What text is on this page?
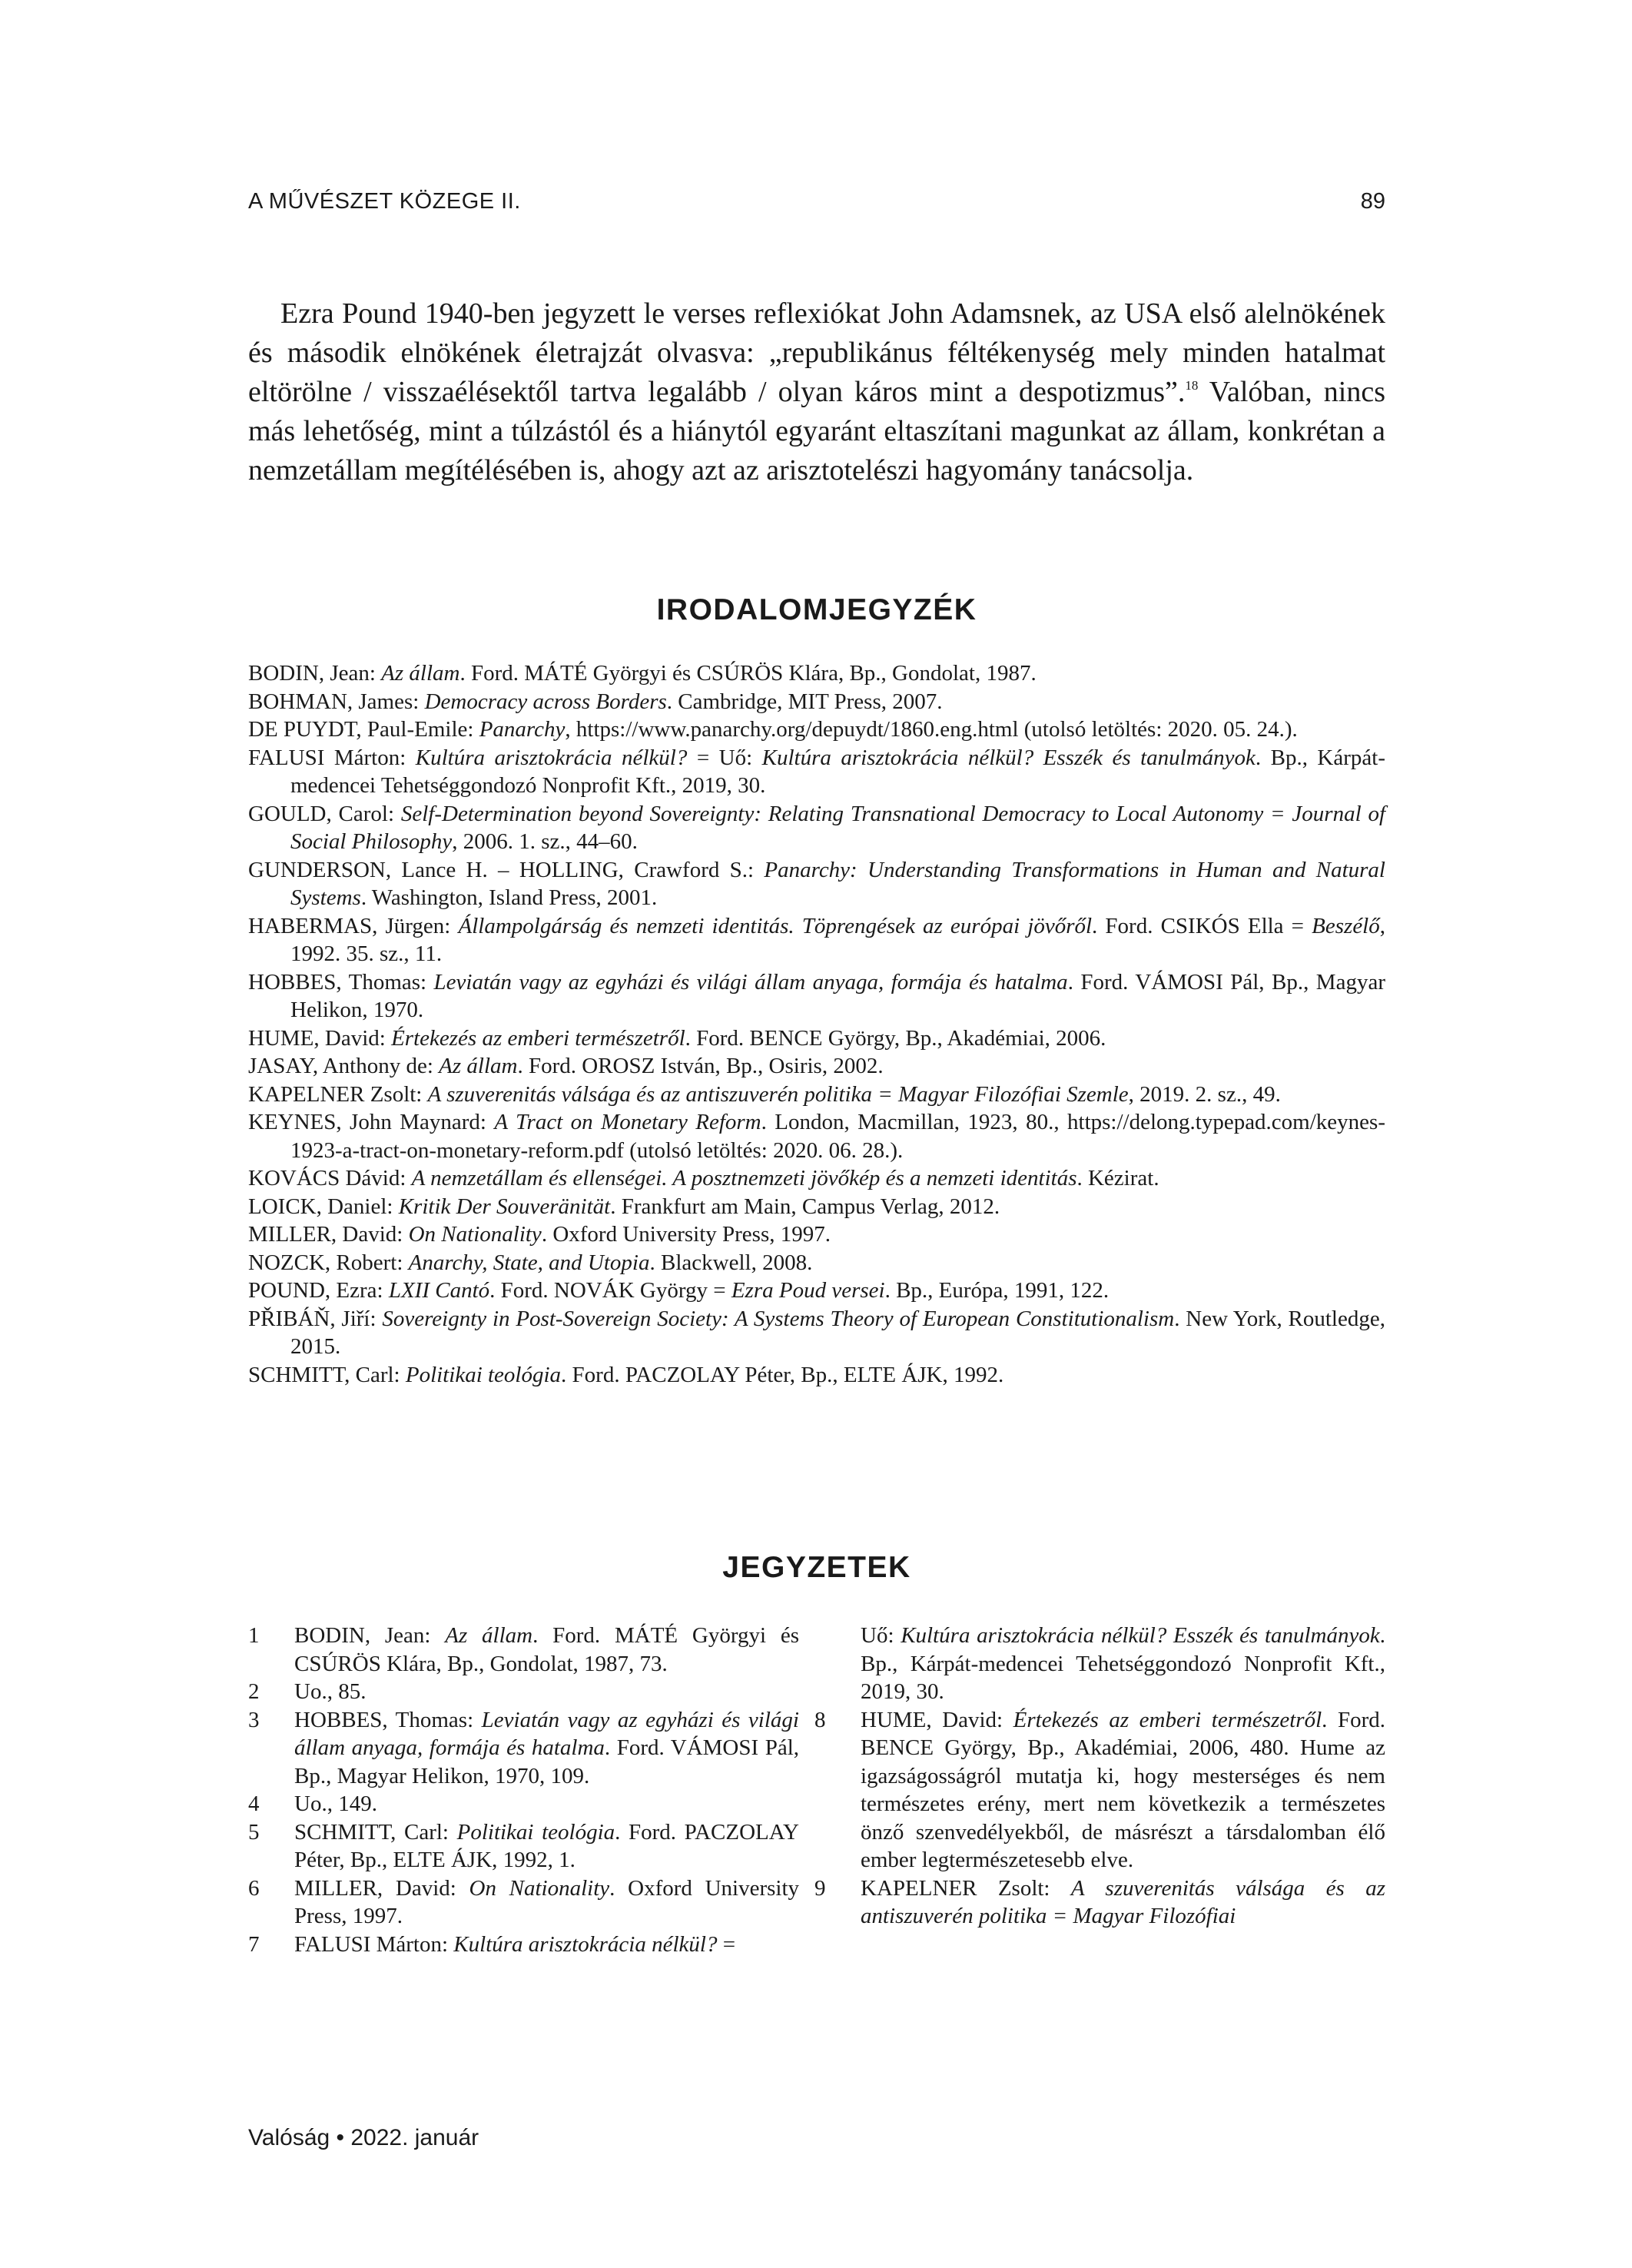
A MŰVÉSZET KÖZEGE II.	89

Ezra Pound 1940-ben jegyzett le verses reflexiókat John Adamsnek, az USA első alelnökének és második elnökének életrajzát olvasva: „republikánus féltékenység mely minden hatalmat eltörölne / visszaélésektől tartva legalább / olyan káros mint a despotizmus”.$^{18}$ Valóban, nincs más lehetőség, mint a túlzástól és a hiánytól egyaránt eltaszítani magunkat az állam, konkrétan a nemzetállam megítélésében is, ahogy azt az arisztotelészi hagyomány tanácsolja.

IRODALOMJEGYZÉK
BODIN, Jean: Az állam. Ford. MÁTÉ Györgyi és CSÚRÖS Klára, Bp., Gondolat, 1987.
BOHMAN, James: Democracy across Borders. Cambridge, MIT Press, 2007.
DE PUYDT, Paul-Emile: Panarchy, https://www.panarchy.org/depuydt/1860.eng.html (utolsó letöltés: 2020. 05. 24.).
FALUSI Márton: Kultúra arisztokrácia nélkül? = Uő: Kultúra arisztokrácia nélkül? Esszék és tanulmányok. Bp., Kárpát-medencei Tehetséggondozó Nonprofit Kft., 2019, 30.
GOULD, Carol: Self-Determination beyond Sovereignty: Relating Transnational Democracy to Local Autonomy = Journal of Social Philosophy, 2006. 1. sz., 44–60.
GUNDERSON, Lance H. – HOLLING, Crawford S.: Panarchy: Understanding Transformations in Human and Natural Systems. Washington, Island Press, 2001.
HABERMAS, Jürgen: Állampolgárság és nemzeti identitás. Töprengések az európai jövőről. Ford. CSIKÓS Ella = Beszélő, 1992. 35. sz., 11.
HOBBES, Thomas: Leviatán vagy az egyházi és világi állam anyaga, formája és hatalma. Ford. VÁMOSI Pál, Bp., Magyar Helikon, 1970.
HUME, David: Értekezés az emberi természetről. Ford. BENCE György, Bp., Akadémiai, 2006.
JASAY, Anthony de: Az állam. Ford. OROSZ István, Bp., Osiris, 2002.
KAPELNER Zsolt: A szuverenitás válsága és az antiszuverén politika = Magyar Filozófiai Szemle, 2019. 2. sz., 49.
KEYNES, John Maynard: A Tract on Monetary Reform. London, Macmillan, 1923, 80., https://delong.typepad.com/keynes-1923-a-tract-on-monetary-reform.pdf (utolsó letöltés: 2020. 06. 28.).
KOVÁCS Dávid: A nemzetállam és ellenségei. A posztnemzeti jövőkép és a nemzeti identitás. Kézirat.
LOICK, Daniel: Kritik Der Souveränität. Frankfurt am Main, Campus Verlag, 2012.
MILLER, David: On Nationality. Oxford University Press, 1997.
NOZCK, Robert: Anarchy, State, and Utopia. Blackwell, 2008.
POUND, Ezra: LXII Cantó. Ford. NOVÁK György = Ezra Poud versei. Bp., Európa, 1991, 122.
PŘIBÁŇ, Jiří: Sovereignty in Post-Sovereign Society: A Systems Theory of European Constitutionalism. New York, Routledge, 2015.
SCHMITT, Carl: Politikai teológia. Ford. PACZOLAY Péter, Bp., ELTE ÁJK, 1992.
JEGYZETEK
1 BODIN, Jean: Az állam. Ford. MÁTÉ Györgyi és CSÚRÖS Klára, Bp., Gondolat, 1987, 73.
2 Uo., 85.
3 HOBBES, Thomas: Leviatán vagy az egyházi és világi állam anyaga, formája és hatalma. Ford. VÁMOSI Pál, Bp., Magyar Helikon, 1970, 109.
4 Uo., 149.
5 SCHMITT, Carl: Politikai teológia. Ford. PACZOLAY Péter, Bp., ELTE ÁJK, 1992, 1.
6 MILLER, David: On Nationality. Oxford University Press, 1997.
7 FALUSI Márton: Kultúra arisztokrácia nélkül? =
Uő: Kultúra arisztokrácia nélkül? Esszék és tanulmányok. Bp., Kárpát-medencei Tehetséggondozó Nonprofit Kft., 2019, 30.
8 HUME, David: Értekezés az emberi természetről. Ford. BENCE György, Bp., Akadémiai, 2006, 480. Hume az igazságosságról mutatja ki, hogy mesterséges és nem természetes erény, mert nem következik a természetes önző szenvedélyekből, de másrészt a társdalomban élő ember legtermészetesebb elve.
9 KAPELNER Zsolt: A szuverenitás válsága és az antiszuverén politika = Magyar Filozófiai
Valóság • 2022. január
